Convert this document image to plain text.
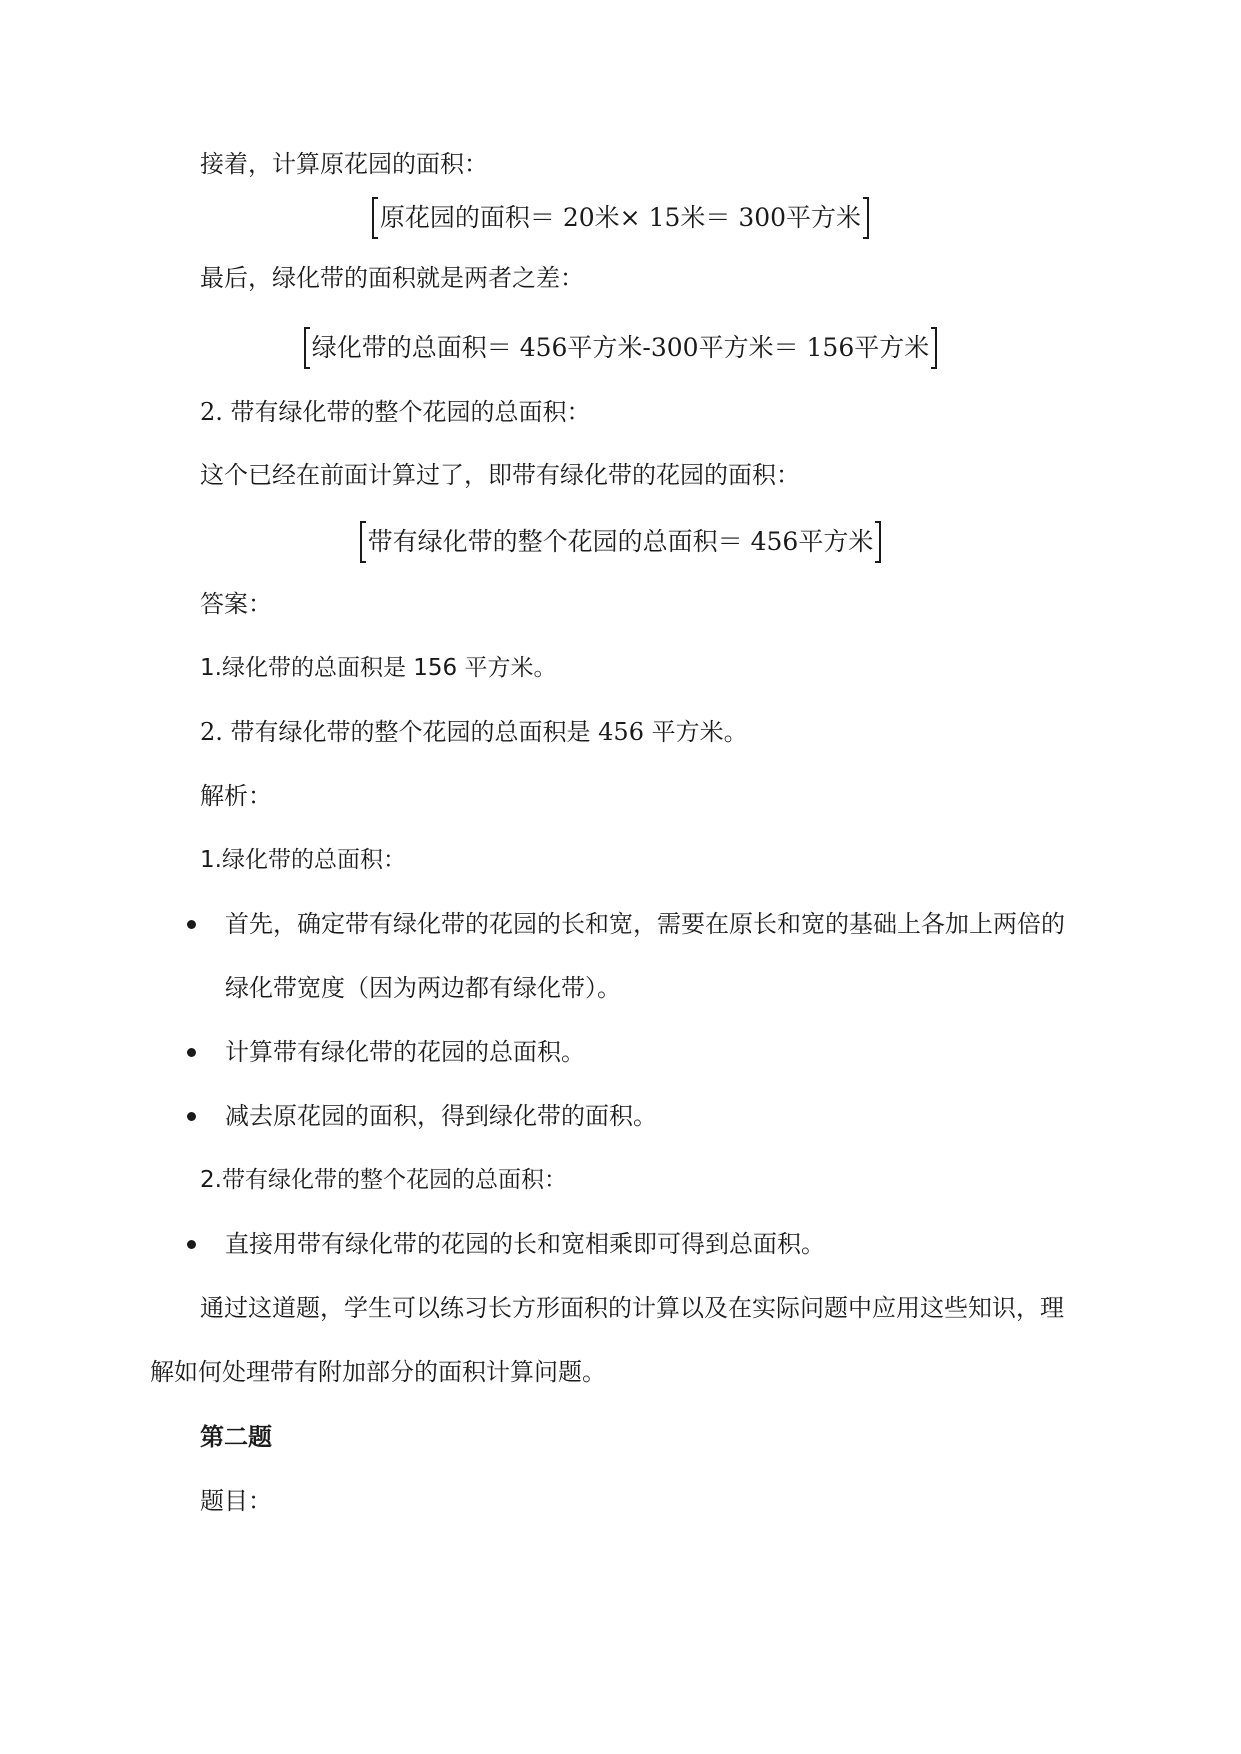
接着，计算原花园的面积：

原花园的面积＝ 20米× 15米＝ 300平方米

最后，绿化带的面积就是两者之差：

绿化带的总面积＝ 456平方米-300平方米＝ 156平方米

2. 带有绿化带的整个花园的总面积：

这个已经在前面计算过了，即带有绿化带的花园的面积：

带有绿化带的整个花园的总面积＝ 456平方米

答案：

1.绿化带的总面积是 156 平方米。

2. 带有绿化带的整个花园的总面积是 456 平方米。

解析：

1.绿化带的总面积：

首先，确定带有绿化带的花园的长和宽，需要在原长和宽的基础上各加上两倍的

绿化带宽度（因为两边都有绿化带）。

计算带有绿化带的花园的总面积。

减去原花园的面积，得到绿化带的面积。

2.带有绿化带的整个花园的总面积：

直接用带有绿化带的花园的长和宽相乘即可得到总面积。

通过这道题，学生可以练习长方形面积的计算以及在实际问题中应用这些知识，理

解如何处理带有附加部分的面积计算问题。

第二题

题目：
